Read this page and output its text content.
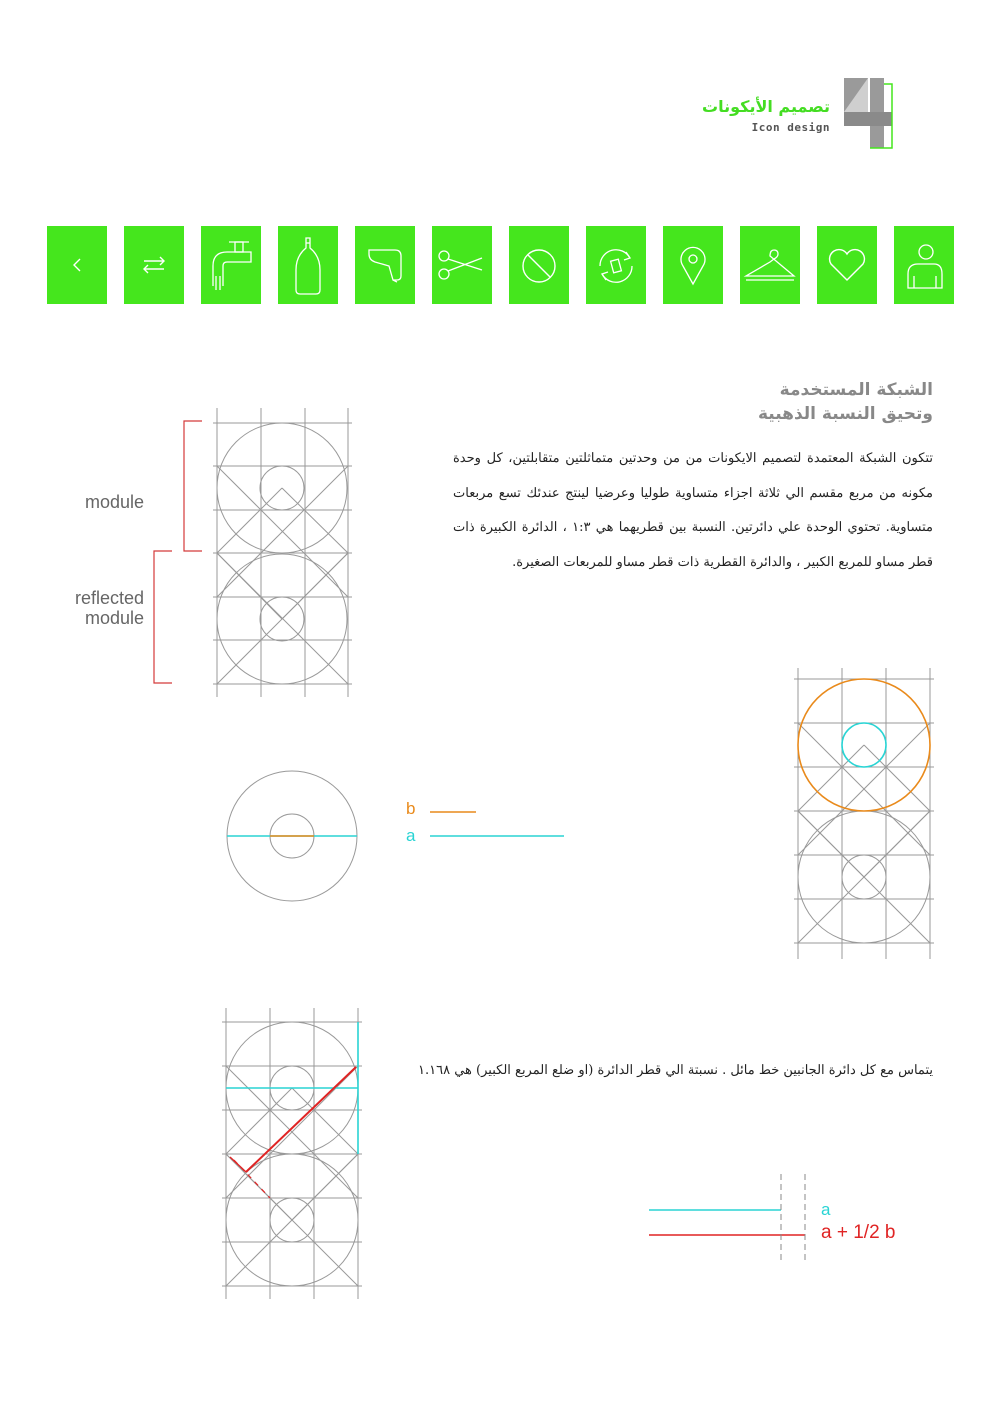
تصميم الأيكونات
Icon design
الشبكة المستخدمة
وتحيق النسبة الذهبية
تتكون الشبكة المعتمدة لتصميم الايكونات من من وحدتين متماثلتين متقابلتين، كل وحدة مكونه من مربع مقسم الي ثلاثة اجزاء متساوية طوليا وعرضيا لينتج عندئك تسع مربعات متساوية. تحتوي الوحدة علي دائرتين. النسبة بين قطريهما هي ١:٣ ، الدائرة الكبيرة ذات قطر مساو للمربع الكبير ، والدائرة القطرية ذات قطر مساو للمربعات الصغيرة.
module
reflected
module
b
a
يتماس مع كل دائرة الجانبين خط مائل . نسبتة الي قطر الدائرة (او ضلع المربع الكبير) هي ١.١٦٨
a
a + 1/2 b
